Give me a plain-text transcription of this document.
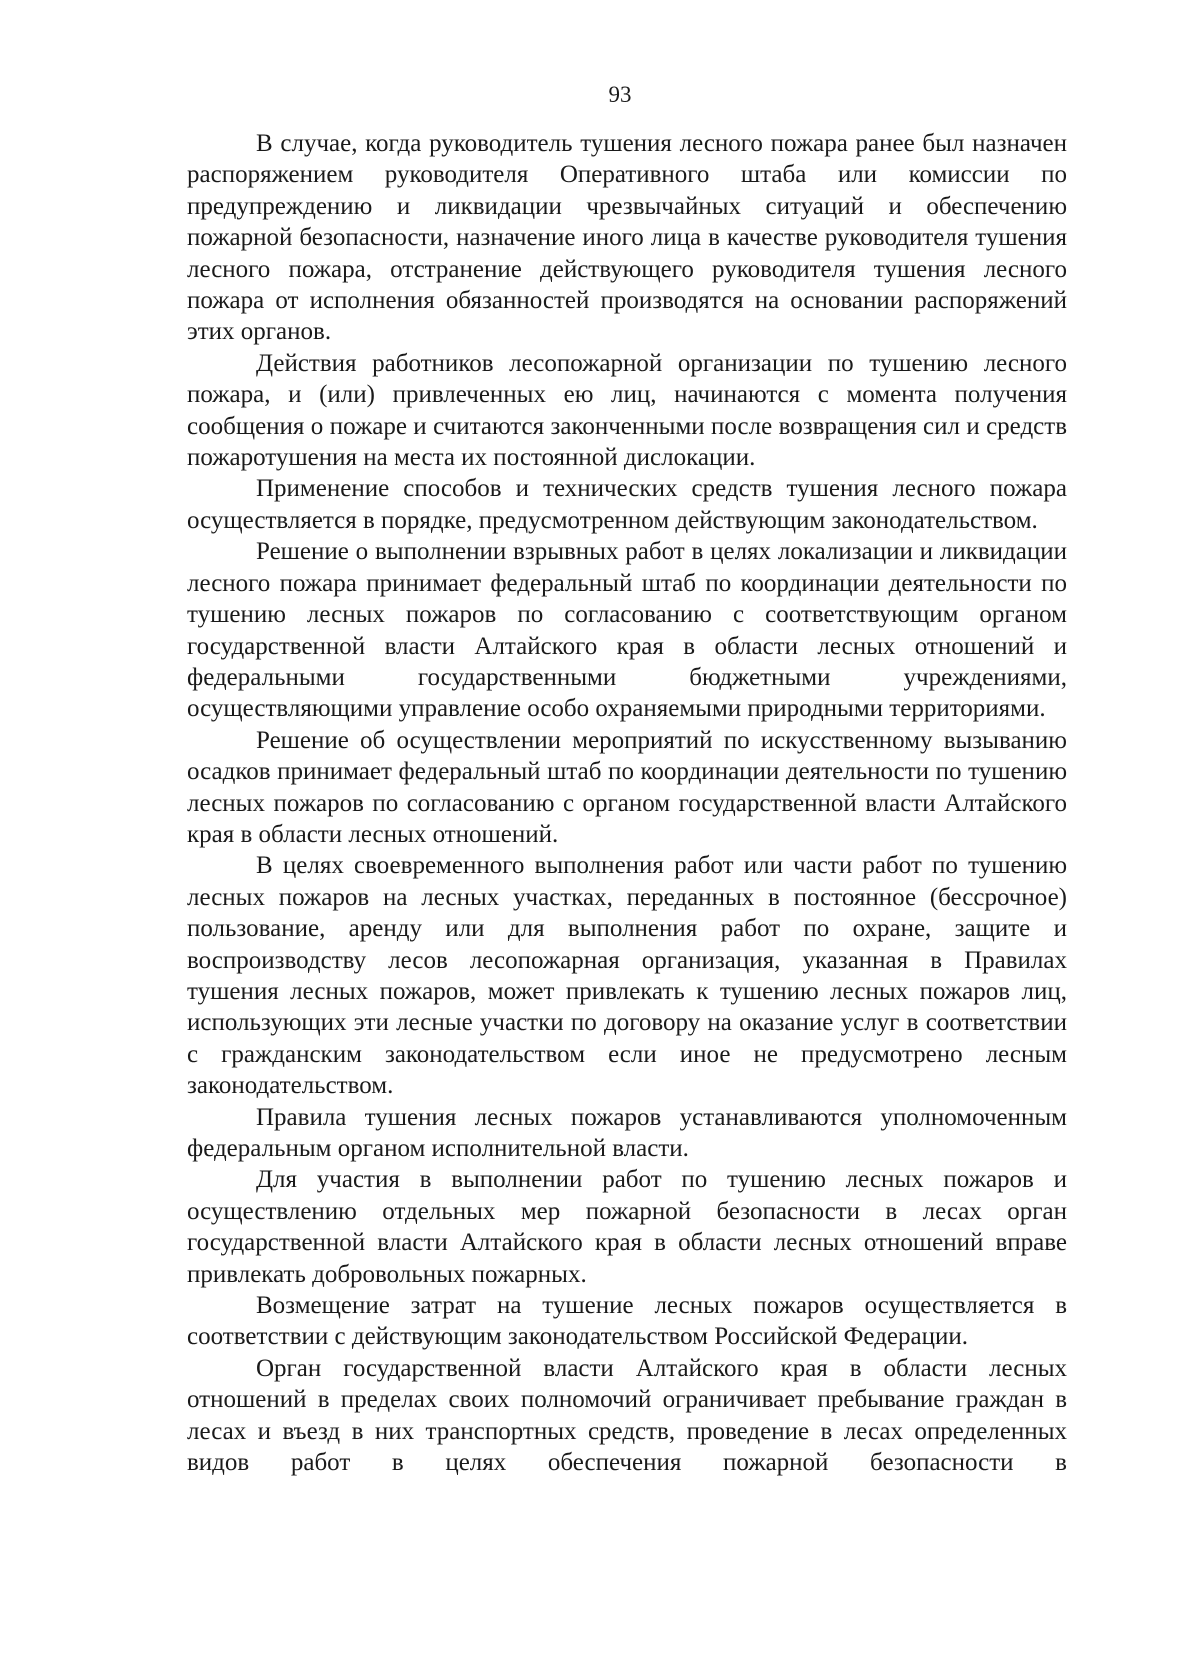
93

В случае, когда руководитель тушения лесного пожара ранее был назначен распоряжением руководителя Оперативного штаба или комиссии по предупреждению и ликвидации чрезвычайных ситуаций и обеспечению пожарной безопасности, назначение иного лица в качестве руководителя тушения лесного пожара, отстранение действующего руководителя тушения лесного пожара от исполнения обязанностей производятся на основании распоряжений этих органов.

Действия работников лесопожарной организации по тушению лесного пожара, и (или) привлеченных ею лиц, начинаются с момента получения сообщения о пожаре и считаются законченными после возвращения сил и средств пожаротушения на места их постоянной дислокации.

Применение способов и технических средств тушения лесного пожара осуществляется в порядке, предусмотренном действующим законодательством.

Решение о выполнении взрывных работ в целях локализации и ликвидации лесного пожара принимает федеральный штаб по координации деятельности по тушению лесных пожаров по согласованию с соответствующим органом государственной власти Алтайского края в области лесных отношений и федеральными государственными бюджетными учреждениями, осуществляющими управление особо охраняемыми природными территориями.

Решение об осуществлении мероприятий по искусственному вызыванию осадков принимает федеральный штаб по координации деятельности по тушению лесных пожаров по согласованию с органом государственной власти Алтайского края в области лесных отношений.

В целях своевременного выполнения работ или части работ по тушению лесных пожаров на лесных участках, переданных в постоянное (бессрочное) пользование, аренду или для выполнения работ по охране, защите и воспроизводству лесов лесопожарная организация, указанная в Правилах тушения лесных пожаров, может привлекать к тушению лесных пожаров лиц, использующих эти лесные участки по договору на оказание услуг в соответствии с гражданским законодательством если иное не предусмотрено лесным законодательством.

Правила тушения лесных пожаров устанавливаются уполномоченным федеральным органом исполнительной власти.

Для участия в выполнении работ по тушению лесных пожаров и осуществлению отдельных мер пожарной безопасности в лесах орган государственной власти Алтайского края в области лесных отношений вправе привлекать добровольных пожарных.

Возмещение затрат на тушение лесных пожаров осуществляется в соответствии с действующим законодательством Российской Федерации.

Орган государственной власти Алтайского края в области лесных отношений в пределах своих полномочий ограничивает пребывание граждан в лесах и въезд в них транспортных средств, проведение в лесах определенных видов работ в целях обеспечения пожарной безопасности в
